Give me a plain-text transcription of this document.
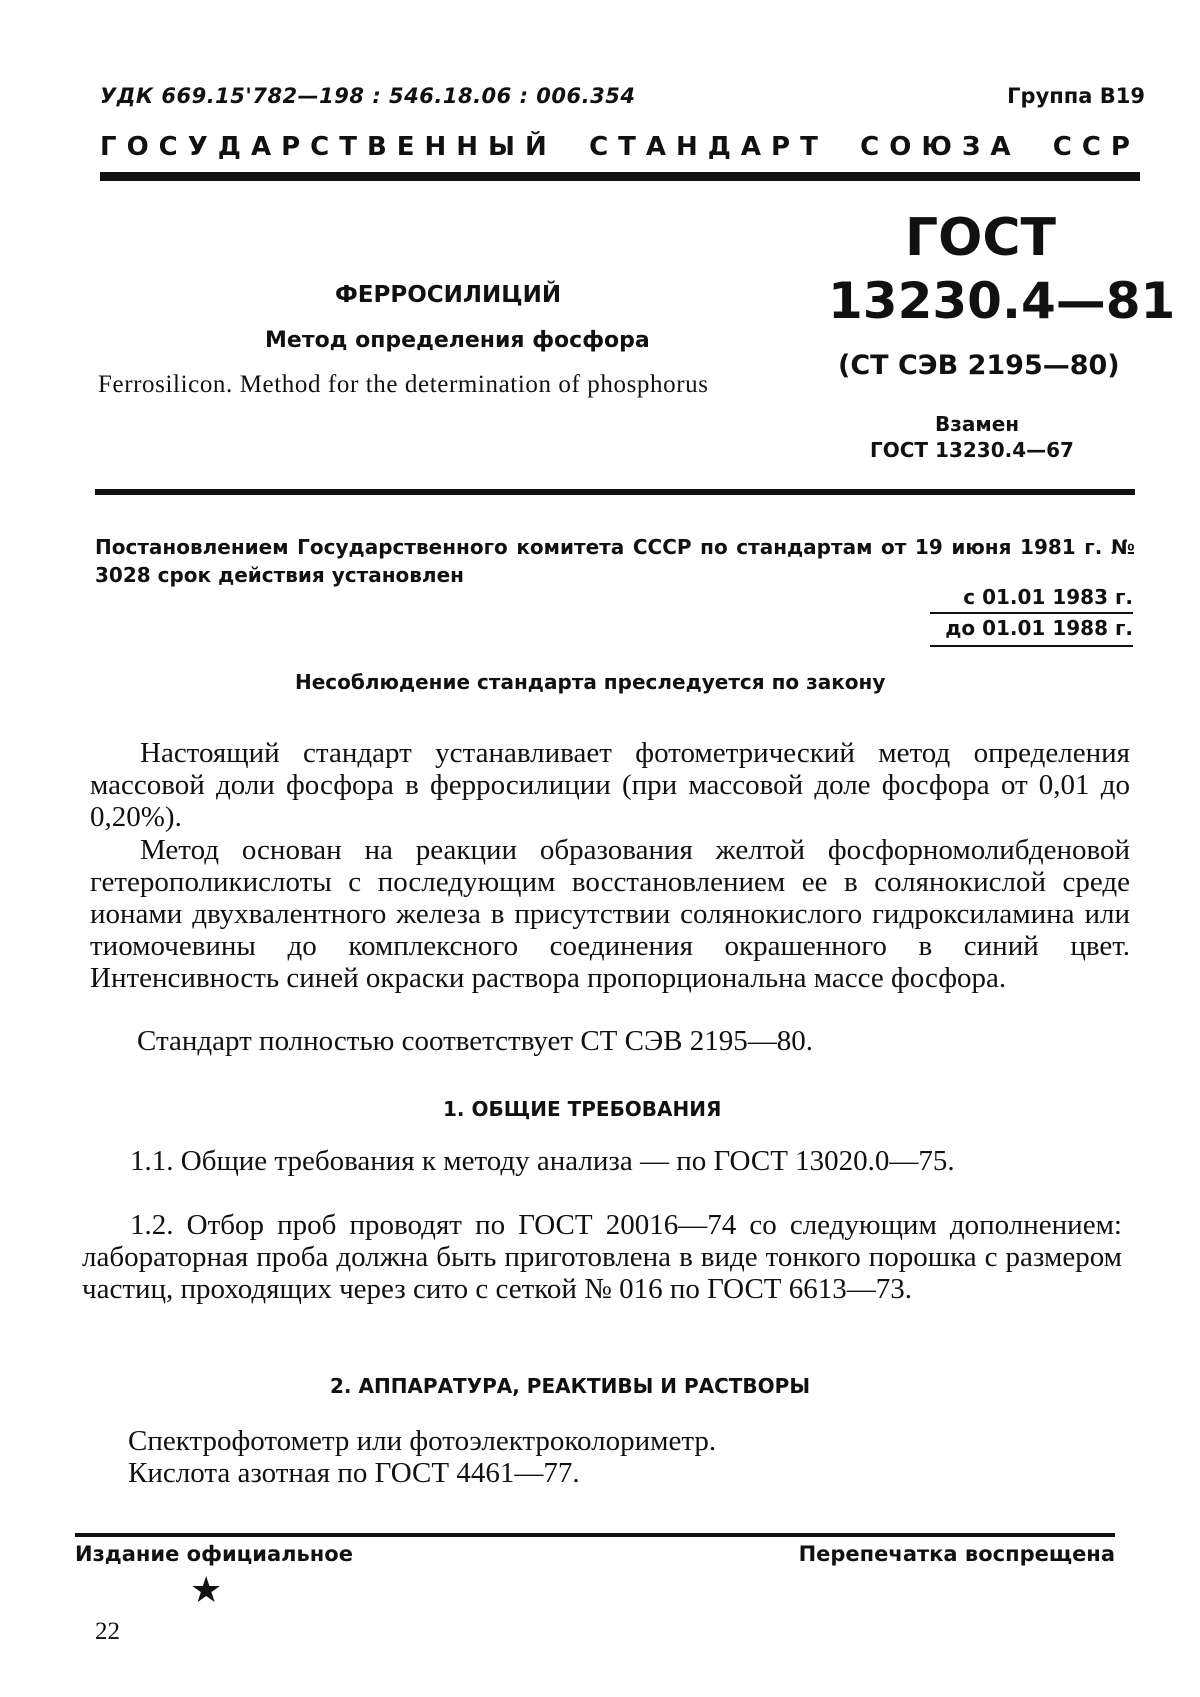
УДК 669.15'782—198 : 546.18.06 : 006.354	Группа В19
ГОСУДАРСТВЕННЫЙ СТАНДАРТ СОЮЗА ССР
ФЕРРОСИЛИЦИЙ
Метод определения фосфора
Ferrosilicon. Method for the determination of phosphorus
ГОСТ
13230.4—81
(СТ СЭВ 2195—80)
Взамен
ГОСТ 13230.4—67
Постановлением Государственного комитета СССР по стандартам от 19 июня 1981 г. № 3028 срок действия установлен
с 01.01 1983 г.
до 01.01 1988 г.
Несоблюдение стандарта преследуется по закону
Настоящий стандарт устанавливает фотометрический метод определения массовой доли фосфора в ферросилиции (при массовой доле фосфора от 0,01 до 0,20%).
Метод основан на реакции образования желтой фосфорномолибденовой гетерополикислоты с последующим восстановлением ее в солянокислой среде ионами двухвалентного железа в присутствии солянокислого гидроксиламина или тиомочевины до комплексного соединения окрашенного в синий цвет. Интенсивность синей окраски раствора пропорциональна массе фосфора.
Стандарт полностью соответствует СТ СЭВ 2195—80.
1. ОБЩИЕ ТРЕБОВАНИЯ
1.1. Общие требования к методу анализа — по ГОСТ 13020.0—75.
1.2. Отбор проб проводят по ГОСТ 20016—74 со следующим дополнением: лабораторная проба должна быть приготовлена в виде тонкого порошка с размером частиц, проходящих через сито с сеткой № 016 по ГОСТ 6613—73.
2. АППАРАТУРА, РЕАКТИВЫ И РАСТВОРЫ
Спектрофотометр или фотоэлектроколориметр.
Кислота азотная по ГОСТ 4461—77.
Издание официальное	Перепечатка воспрещена
★
22
